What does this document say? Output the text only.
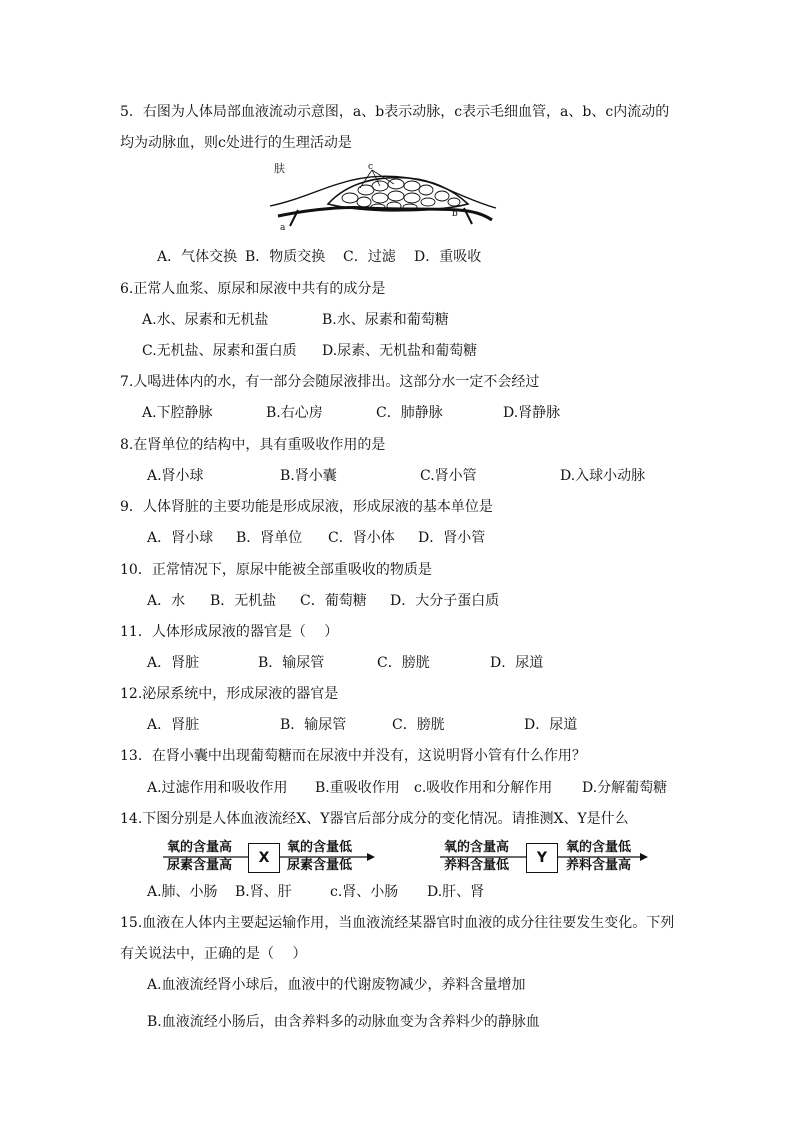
5．右图为人体局部血液流动示意图，a、b表示动脉，c表示毛细血管，a、b、c内流动的
均为动脉血，则c处进行的生理活动是
肤	c
a
b
A．气体交换 B．物质交换 C．过滤 D．重吸收
6.正常人血浆、原尿和尿液中共有的成分是
A.水、尿素和无机盐	B.水、尿素和葡萄糖
C.无机盐、尿素和蛋白质 D.尿素、无机盐和葡萄糖
7.人喝进体内的水，有一部分会随尿液排出。这部分水一定不会经过
A.下腔静脉	B.右心房	C．肺静脉	D.肾静脉
8.在肾单位的结构中，具有重吸收作用的是
A.肾小球	B.肾小囊	C.肾小管	D.入球小动脉
9．人体肾脏的主要功能是形成尿液，形成尿液的基本单位是
A．肾小球 B．肾单位 C．肾小体 D．肾小管
10．正常情况下，原尿中能被全部重吸收的物质是
A．水 B．无机盐 C．葡萄糖 D．大分子蛋白质
11．人体形成尿液的器官是（　 ）
A．肾脏	B．输尿管	C．膀胱	D．尿道
12.泌尿系统中，形成尿液的器官是
A．肾脏	B．输尿管	C．膀胱	D．尿道
13．在肾小囊中出现葡萄糖而在尿液中并没有，这说明肾小管有什么作用？
A.过滤作用和吸收作用 B.重吸收作用 c.吸收作用和分解作用 D.分解葡萄糖
14.下图分别是人体血液流经X、Y器官后部分成分的变化情况。请推测X、Y是什么
氧的含量高
尿素含量高	X
氧的含量低
尿素含量低
氧的含量高
养料含量低	Y
氧的含量低
养料含量高
A.肺、小肠 B.肾、肝	c.肾、小肠 D.肝、肾
15.血液在人体内主要起运输作用，当血液流经某器官时血液的成分往往要发生变化。下列
有关说法中，正确的是（　 ）
A.血液流经肾小球后，血液中的代谢废物减少，养料含量增加
B.血液流经小肠后，由含养料多的动脉血变为含养料少的静脉血
